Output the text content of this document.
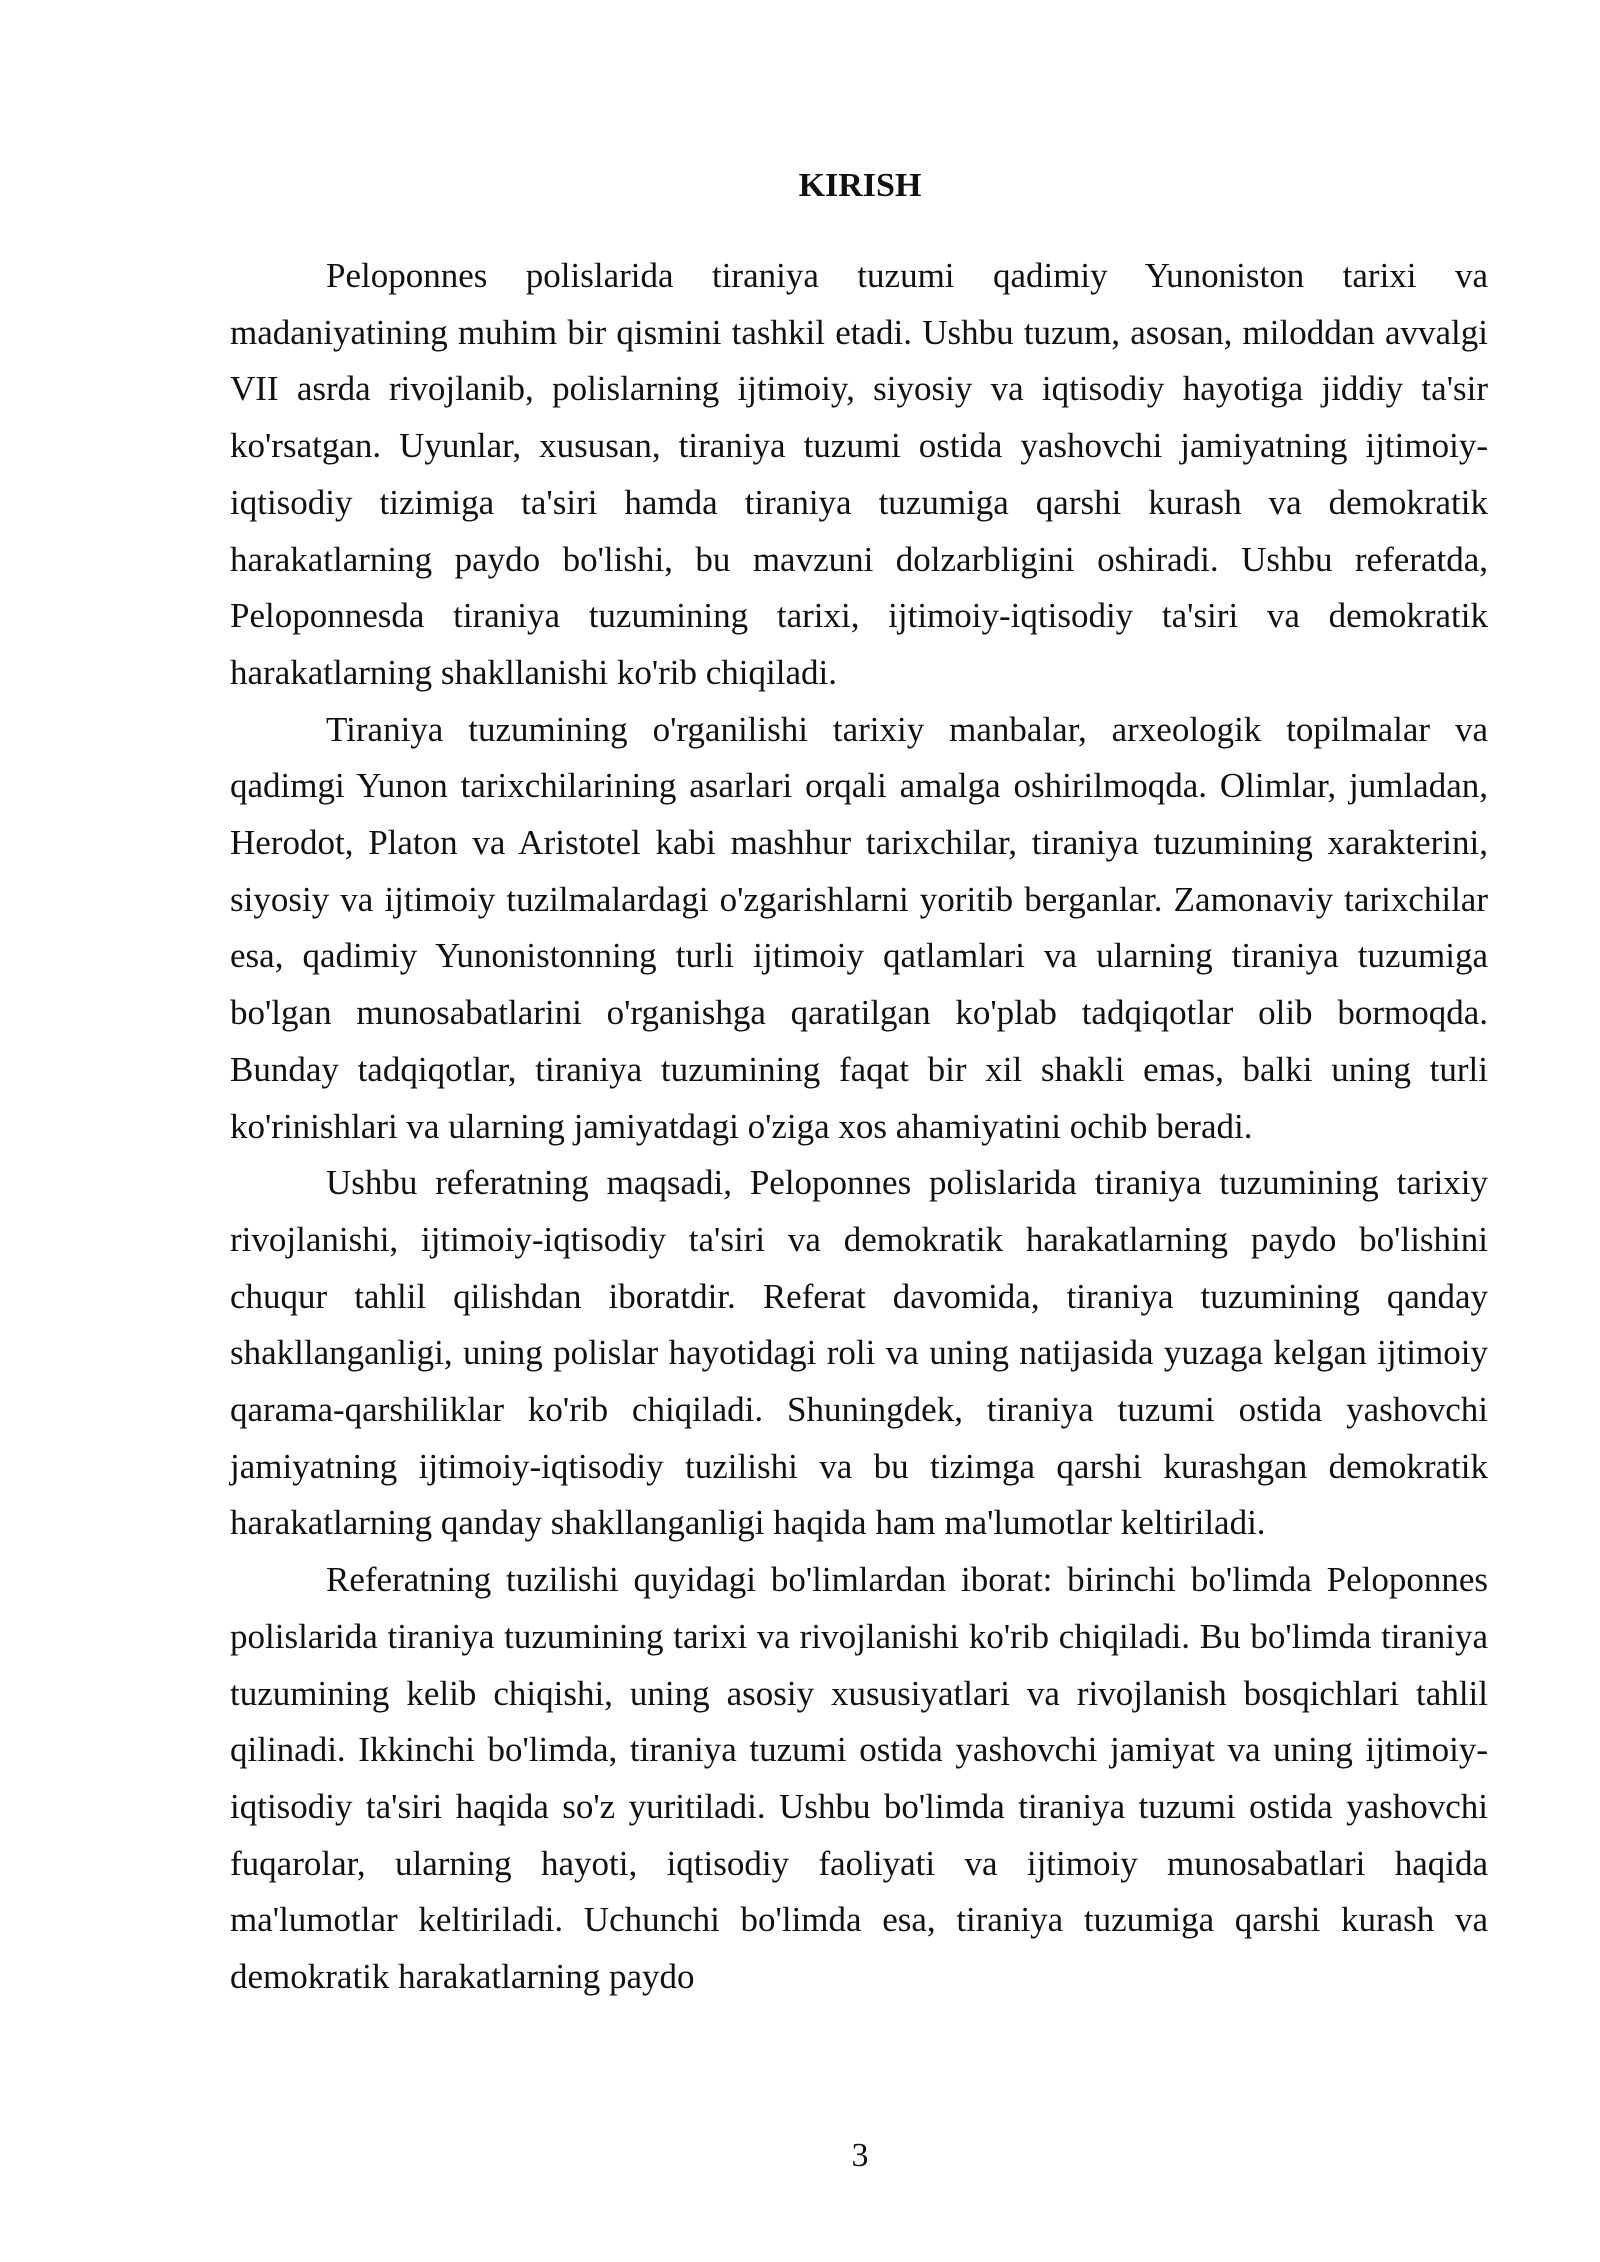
KIRISH

Peloponnes polislarida tiraniya tuzumi qadimiy Yunoniston tarixi va madaniyatining muhim bir qismini tashkil etadi. Ushbu tuzum, asosan, miloddan avvalgi VII asrda rivojlanib, polislarning ijtimoiy, siyosiy va iqtisodiy hayotiga jiddiy ta'sir ko'rsatgan. Uyunlar, xususan, tiraniya tuzumi ostida yashovchi jamiyatning ijtimoiy-iqtisodiy tizimiga ta'siri hamda tiraniya tuzumiga qarshi kurash va demokratik harakatlarning paydo bo'lishi, bu mavzuni dolzarbligini oshiradi. Ushbu referatda, Peloponnesda tiraniya tuzumining tarixi, ijtimoiy-iqtisodiy ta'siri va demokratik harakatlarning shakllanishi ko'rib chiqiladi.

Tiraniya tuzumining o'rganilishi tarixiy manbalar, arxeologik topilmalar va qadimgi Yunon tarixchilarining asarlari orqali amalga oshirilmoqda. Olimlar, jumladan, Herodot, Platon va Aristotel kabi mashhur tarixchilar, tiraniya tuzumining xarakterini, siyosiy va ijtimoiy tuzilmalardagi o'zgarishlarni yoritib berganlar. Zamonaviy tarixchilar esa, qadimiy Yunonistonning turli ijtimoiy qatlamlari va ularning tiraniya tuzumiga bo'lgan munosabatlarini o'rganishga qaratilgan ko'plab tadqiqotlar olib bormoqda. Bunday tadqiqotlar, tiraniya tuzumining faqat bir xil shakli emas, balki uning turli ko'rinishlari va ularning jamiyatdagi o'ziga xos ahamiyatini ochib beradi.

Ushbu referatning maqsadi, Peloponnes polislarida tiraniya tuzumining tarixiy rivojlanishi, ijtimoiy-iqtisodiy ta'siri va demokratik harakatlarning paydo bo'lishini chuqur tahlil qilishdan iboratdir. Referat davomida, tiraniya tuzumining qanday shakllanganligi, uning polislar hayotidagi roli va uning natijasida yuzaga kelgan ijtimoiy qarama-qarshiliklar ko'rib chiqiladi. Shuningdek, tiraniya tuzumi ostida yashovchi jamiyatning ijtimoiy-iqtisodiy tuzilishi va bu tizimga qarshi kurashgan demokratik harakatlarning qanday shakllanganligi haqida ham ma'lumotlar keltiriladi.

Referatning tuzilishi quyidagi bo'limlardan iborat: birinchi bo'limda Peloponnes polislarida tiraniya tuzumining tarixi va rivojlanishi ko'rib chiqiladi. Bu bo'limda tiraniya tuzumining kelib chiqishi, uning asosiy xususiyatlari va rivojlanish bosqichlari tahlil qilinadi. Ikkinchi bo'limda, tiraniya tuzumi ostida yashovchi jamiyat va uning ijtimoiy-iqtisodiy ta'siri haqida so'z yuritiladi. Ushbu bo'limda tiraniya tuzumi ostida yashovchi fuqarolar, ularning hayoti, iqtisodiy faoliyati va ijtimoiy munosabatlari haqida ma'lumotlar keltiriladi. Uchunchi bo'limda esa, tiraniya tuzumiga qarshi kurash va demokratik harakatlarning paydo

3
